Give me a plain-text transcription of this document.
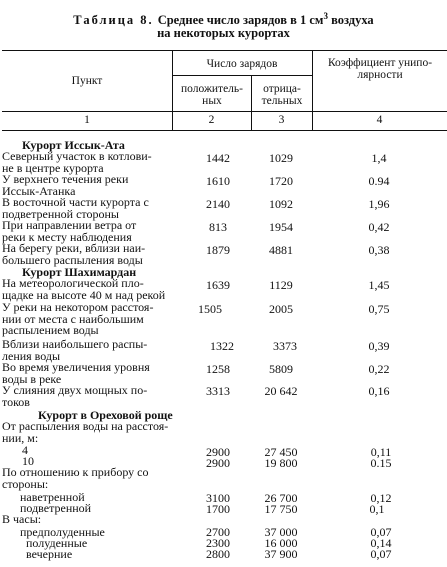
Таблица 8. Среднее число зарядов в 1 $см^3$ воздуха
на некоторых курортах
Пункт
Число зарядов
положитель-
ных
отрица-
тельных
Коэффициент унипо-
лярности
1	2	3	4
Курорт Иссык-Ата
Северный участок в котлови-
не в центре курорта
1442	1029	1,4
У верхнего течения реки
Иссык-Атанка
1610	1720	0.94
В восточной части курорта с
подветренной стороны
2140	1092	1,96
При направлении ветра от
реки к месту наблюдения
813	1954	0,42
На берегу реки, вблизи наи-
большего распыления воды
1879	4881	0,38
Курорт Шахимардан
На метеорологической пло-
щадке на высоте 40 м над рекой
1639	1129	1,45
У реки на некотором расстоя-
нии от места с наибольшим
распылением воды
1505	2005	0,75
Вблизи наибольшего распы-
ления воды
1322	3373	0,39
Во время увеличения уровня
воды в реке
1258	5809	0,22
У слияния двух мощных по-
токов
3313	20 642	0,16
Курорт в Ореховой роще
От распыления воды на расстоя-
нии, м:
4	2900	27 450	0,11
10	2900	19 800	0.15
По отношению к прибору со
стороны:
наветренной	3100	26 700	0,12
подветренной	1700	17 750	0,1
В часы:
предполуденные	2700	37 000	0,07
полуденные	2300	16 000	0,14
вечерние	2800	37 900	0,07
